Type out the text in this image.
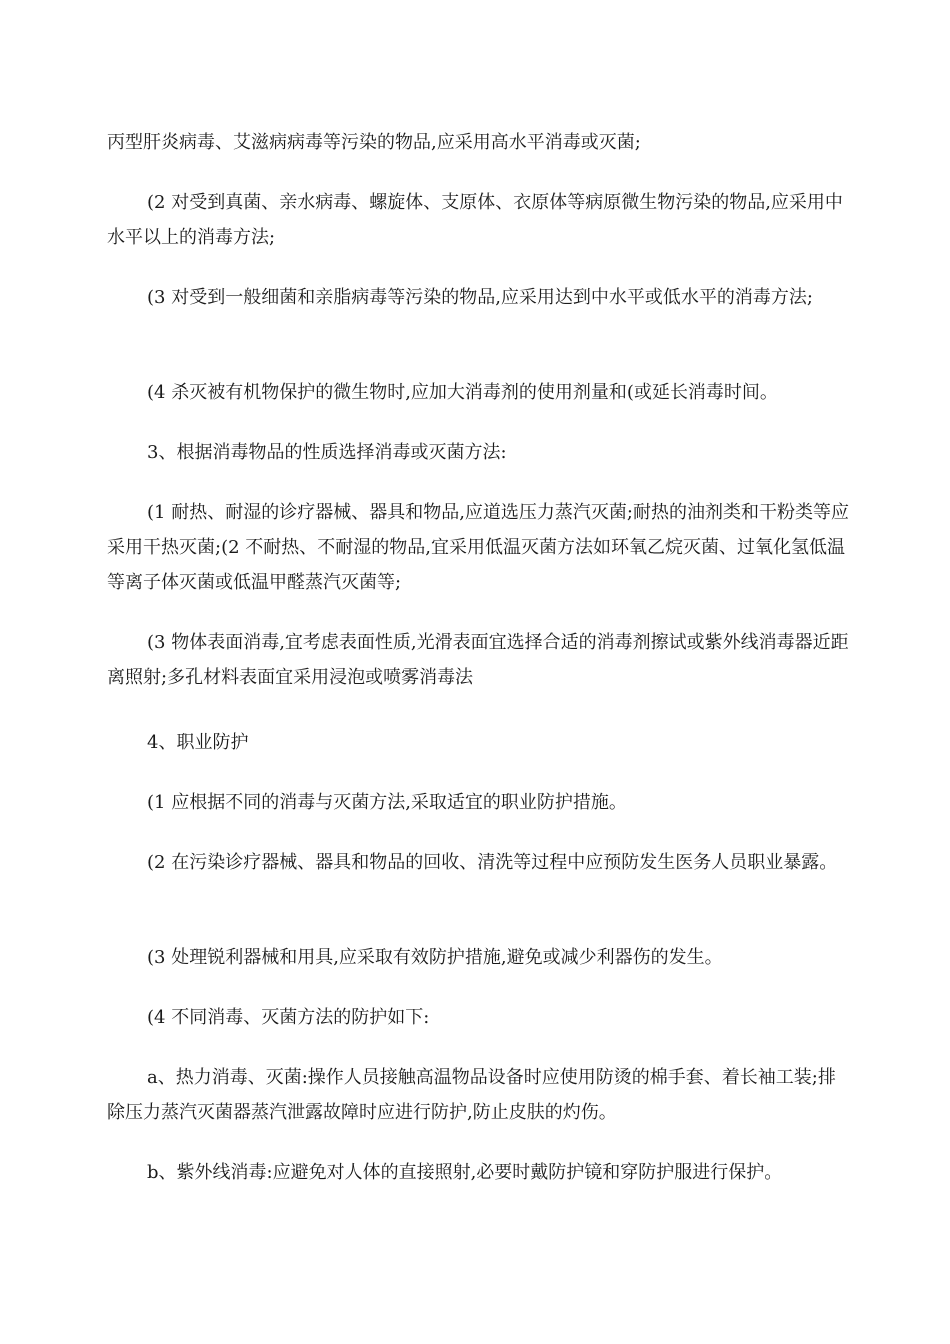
丙型肝炎病毒、艾滋病病毒等污染的物品,应采用高水平消毒或灭菌;

(2 对受到真菌、亲水病毒、螺旋体、支原体、衣原体等病原微生物污染的物品,应采用中水平以上的消毒方法;

(3 对受到一般细菌和亲脂病毒等污染的物品,应采用达到中水平或低水平的消毒方法;

(4 杀灭被有机物保护的微生物时,应加大消毒剂的使用剂量和(或延长消毒时间。

3、根据消毒物品的性质选择消毒或灭菌方法:

(1 耐热、耐湿的诊疗器械、器具和物品,应道选压力蒸汽灭菌;耐热的油剂类和干粉类等应采用干热灭菌;(2 不耐热、不耐湿的物品,宜采用低温灭菌方法如环氧乙烷灭菌、过氧化氢低温等离子体灭菌或低温甲醛蒸汽灭菌等;

(3 物体表面消毒,宜考虑表面性质,光滑表面宜选择合适的消毒剂擦试或紫外线消毒器近距离照射;多孔材料表面宜采用浸泡或喷雾消毒法

4、职业防护

(1 应根据不同的消毒与灭菌方法,采取适宜的职业防护措施。

(2 在污染诊疗器械、器具和物品的回收、清洗等过程中应预防发生医务人员职业暴露。

(3 处理锐利器械和用具,应采取有效防护措施,避免或减少利器伤的发生。

(4 不同消毒、灭菌方法的防护如下:

a、热力消毒、灭菌:操作人员接触高温物品设备时应使用防烫的棉手套、着长袖工装;排除压力蒸汽灭菌器蒸汽泄露故障时应进行防护,防止皮肤的灼伤。

b、紫外线消毒:应避免对人体的直接照射,必要时戴防护镜和穿防护服进行保护。
